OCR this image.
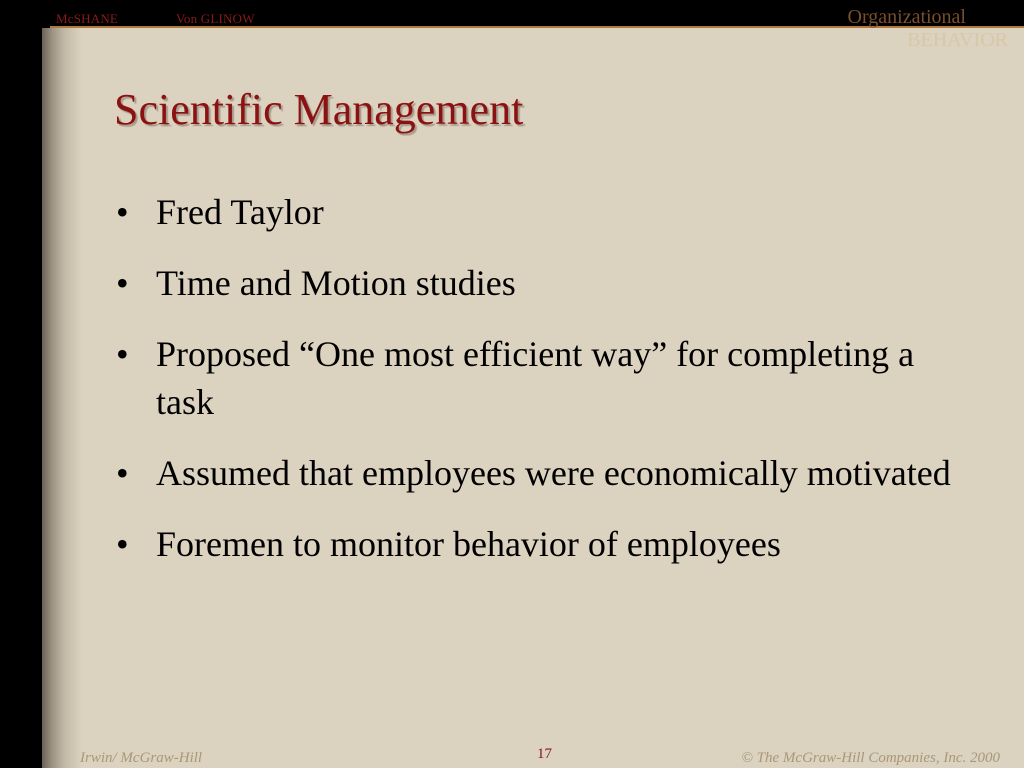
McSHANE	Von GLINOW	Organizational
BEHAVIOR
Scientific Management
• Fred Taylor
• Time and Motion studies
• Proposed “One most efficient way” for completing a task
• Assumed that employees were economically motivated
• Foremen to monitor behavior of employees
Irwin/ McGraw-Hill	17	© The McGraw-Hill Companies, Inc. 2000
